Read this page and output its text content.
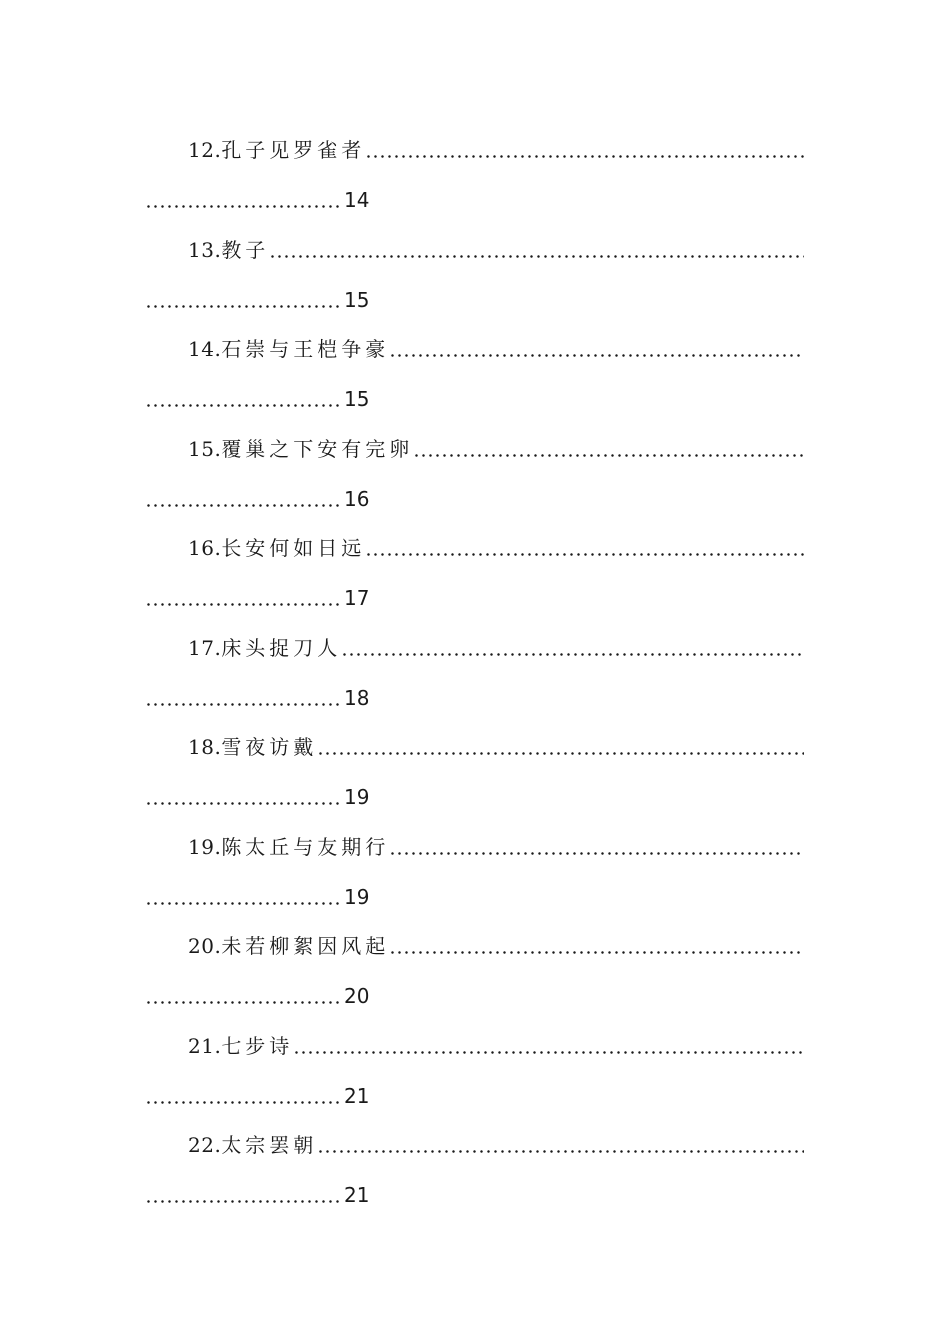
12. 孔子见罗雀者
14
13. 教子
15
14. 石崇与王桤争豪
15
15. 覆巢之下安有完卵
16
16. 长安何如日远
17
17. 床头捉刀人
18
18. 雪夜访戴
19
19. 陈太丘与友期行
19
20. 未若柳絮因风起
20
21. 七步诗
21
22. 太宗罢朝
21
